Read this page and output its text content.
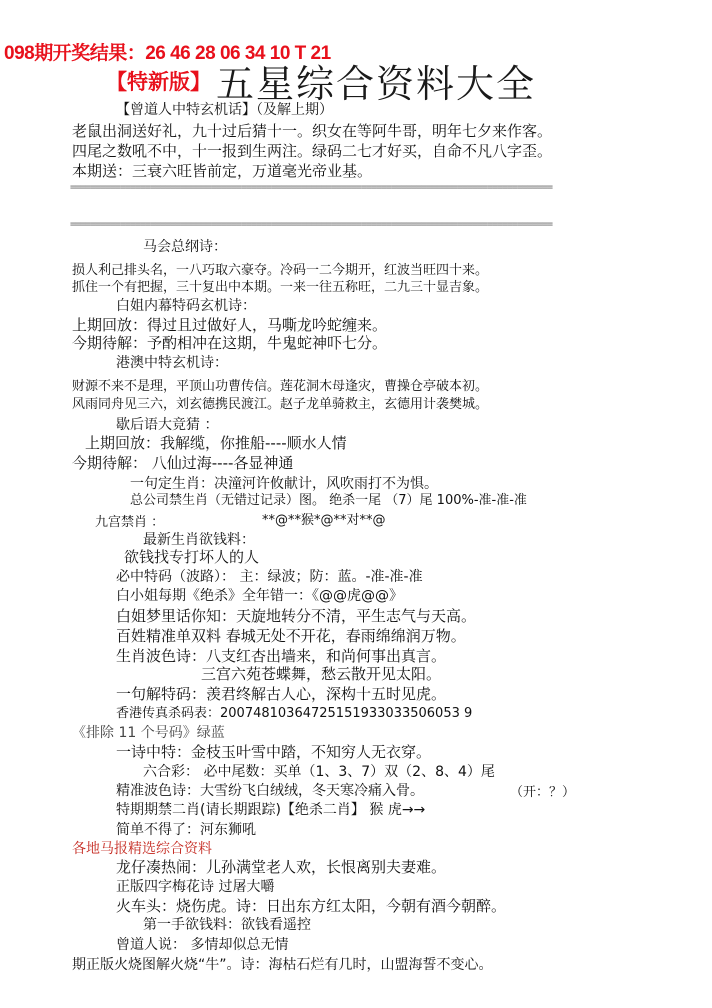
098期开奖结果：26 46 28 06 34 10 T 21
【特新版】 五星综合资料大全
【曾道人中特玄机话】（及解上期）
老鼠出洞送好礼，九十过后猜十一。织女在等阿牛哥，明年七夕来作客。
四尾之数吼不中，十一报到生两注。绿码二七才好买，自命不凡八字歪。
本期送：三衰六旺皆前定，万道毫光帝业基。
================================================================================================
================================================================================================
马会总纲诗：
损人利己排头名，一八巧取六豪夺。冷码一二今期开，红波当旺四十来。
抓住一个有把握，三十复出中本期。一来一往五称旺，二九三十显吉象。
白姐内幕特码玄机诗：
上期回放：得过且过做好人，马嘶龙吟蛇缠来。
今期待解：予酌相冲在这期，牛鬼蛇神吓七分。
港澳中特玄机诗：
财源不来不是理，平顶山功曹传信。莲花洞木母逢灾，曹操仓亭破本初。
风雨同舟见三六，刘玄德携民渡江。赵子龙单骑救主，玄德用计袭樊城。
歇后语大竞猜 ：
上期回放：我解缆，你推船----顺水人情
今期待解： 八仙过海----各显神通
一句定生肖：决潼河许攸献计，风吹雨打不为惧。
总公司禁生肖（无错过记录）图。 绝杀一尾 （7）尾 100%-准-准-准
九宫禁肖 ：	**@**猴*@**对**@
最新生肖欲钱料：
欲钱找专打坏人的人
必中特码（波路）： 主：绿波；防：蓝。-准-准-准
白小姐每期《绝杀》全年错一：《@@虎@@》
白姐梦里话你知：天旋地转分不清，平生志气与天高。
百姓精准单双料 春城无处不开花，春雨绵绵润万物。
生肖波色诗：八支红杏出墙来，和尚何事出真言。
三宫六苑苍蝶舞，愁云散开见太阳。
一句解特码：羡君终解古人心，深构十五时见虎。
香港传真杀码表：20074810364725151933033506053 9
《排除 11 个号码》绿蓝
一诗中特：金枝玉叶雪中踏，不知穷人无衣穿。
六合彩： 必中尾数：买单（1、3、7）双（2、8、4）尾
精准波色诗：大雪纷飞白绒绒，冬天寒冷痛入骨。	（开：？）
特期期禁二肖(请长期跟踪)【绝杀二肖】 猴 虎→→
简单不得了：河东狮吼
各地马报精选综合资料
龙仔凑热闹：儿孙满堂老人欢，长恨离别夫妻难。
正版四字梅花诗 过屠大嚼
火车头：烧伤虎。诗：日出东方红太阳，今朝有酒今朝醉。
第一手欲钱料：欲钱看遥控
曾道人说： 多情却似总无情
期正版火烧图解火烧“牛”。诗：海枯石烂有几时，山盟海誓不变心。
